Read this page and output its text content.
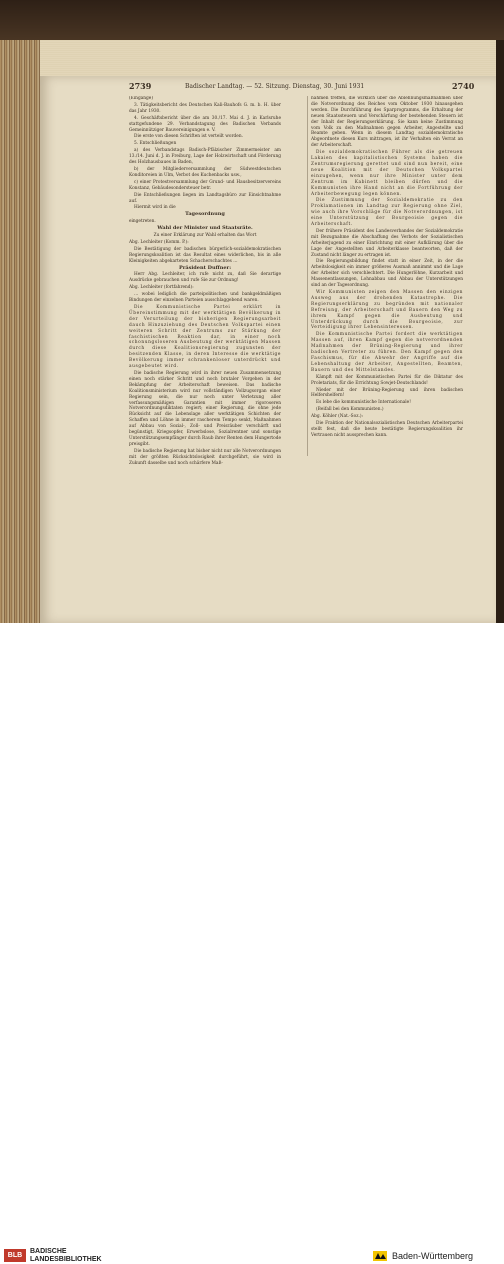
2739	Badischer Landtag. — 52. Sitzung. Dienstag, 30. Juni 1931	2740

(Eingänge)

3. Tätigkeitsbericht des Deutschen Kali-Bauhofs G. m. b. H. über das Jahr 1930.

4. Geschäftsbericht über die am 30./17. Mai d. J. in Karlsruhe stattgefundene 29. Verbandstagung des Badischen Verbands Gemeinnütziger Bauvereinigungen e. V.

Die erste von diesen Schriften ist verteilt worden.

5. Entschließungen

a) des Verbandstags Badisch-Pfälzischer Zimmermeister am 13./14. Juni d. J. in Freiburg, Lage der Holzwirtschaft und Förderung des Holzhausbaues in Baden,

b) der Mitgliederversammlung der Südwestdeutschen Konditoreien in Ulm, Verbot des Kuchenbacks usw.,

c) einer Protestversammlung der Grund- und Hausbesitzervereins Konstanz, Gebäudesondersteuer betr.

Die Entschließungen liegen im Landtagsbüro zur Einsichtnahme auf.

Hiermit wird in die

Tagesordnung

eingetreten.

Wahl der Minister und Staatsräte.

Zu einer Erklärung zur Wahl erhalten das Wort

Abg. Lechleiter (Komm. P.):

Die Bestätigung der badischen bürgerlich-sozialdemokratischen Regierungskoalition ist das Resultat eines widerlichen, bis in alle Kleinigkeiten abgekarteten Schacherschachtes …

Präsident Duffner:

Herr Abg. Lechleiter, ich rufe nicht zu, daß Sie derartige Ausdrücke gebrauchen und rufe Sie zur Ordnung!

Abg. Lechleiter (fortfahrend):

… wobei lediglich die parteipolitischen und bankgeldmäßigen Bindungen der einzelnen Parteien ausschlaggebend waren.

Die Kommunistische Partei erklärt in Übereinstimmung mit der werktätigen Bevölkerung in der Verurteilung der bisherigen Regierungsarbeit dauch Hinzuziehung des Deutschen Volkspartei einen weiteren Schritt der Zentrums zur Stärkung der faschistischen Reaktion dar, in einer noch schonungsloseren Ausbeutung der werktätigen Massen durch diese Koalitionsregierung zugunsten der besitzenden Klasse, in deren Interesse die werktätige Bevölkerung immer schrankenloser unterdrückt und ausgebeutet wird.

Die badische Regierung wird in ihrer neuen Zusammensetzung einen noch stärker Schritt und noch brutaler Vorgehen in der Bekämpfung der Arbeiterschaft beweisen. Das badische Koalitionsministerium wird nur vollständigen Vollzugsorgan einer Regierung sein, die nur noch unter Verletzung aller verfassungsmäßigen Garantien mit immer rigoroseren Notverordnungsdiktaten regiert; einer Regierung, die ohne jede Rücksicht auf die Lebenslage aller werktätigen Schichten der Schaffen und Löhne in immer rascherem Tempo senkt, Maßnahmen auf Abbau von Sozial-, Zoll- und Preisräuber verschärft und begünstigt, Kriegsopfer, Erwerbslose, Sozialrentner und sonstige Unterstützungsempfänger durch Raub ihrer Renten dem Hungertode preisgibt.

Die badische Regierung hat bisher nicht nur alle Notverordnungen mit der größten Rücksichtslosigkeit durchgeführt, sie wird in Zukunft dasselbe und noch schärfere Maß-

nahmen treffen, die wirklich über die Ablehnungsmaßnahmen über die Notverordnung des Reiches vom Oktober 1930 hinausgehen werden. Die Durchführung des Sparprogramms, die Erhaltung der neuen Staatssteuern und Verschärfung der bestehenden Steuern ist der Inhalt der Regierungserklärung. Sie kann keine Zustimmung vom Volk zu den Maßnahmen gegen Arbeiter, Angestellte und Beamte geben. Wenn in diesem Landtag sozialdemokratische Abgeordnete diesen Kurs mittragen, ist ihr Verhalten ein Verrat an der Arbeiterschaft.

Die sozialdemokratischen Führer als die getreuen Lakaien des kapitalistischen Systems haben die Zentrumsregierung gerettet und sind nun bereit, eine neue Koalition mit der Deutschen Volkspartei einzugehen, wenn nur ihre Minister unter dem Zentrum im Kabinett bleiben dürfen und die Kommunisten ihre Hand nicht an die Fortführung der Arbeiterbewegung legen können.

Die Zustimmung der Sozialdemokratie zu den Proklamationen im Landtag zur Regierung ohne Ziel, wie auch ihre Vorschläge für die Notverordnungen, ist eine Unterstützung der Bourgeoisie gegen die Arbeiterschaft.

Der frühere Präsident des Landesverbandes der Sozialdemokratie mit Bezugnahme die Abschaffung des Verbots der Sozialistischen Arbeiterjugend zu einer Einrichtung mit einer Aufklärung über die Lage der Angestellten und Arbeiterklasse beantworten, daß der Zustand nicht länger zu ertragen ist.

Die Regierungsbildung findet statt in einer Zeit, in der die Arbeitslosigkeit ein immer größeres Ausmaß annimmt und die Lage der Arbeiter sich verschlechtert. Die Hungerlöhne, Kurzarbeit und Massenentlassungen, Lohnabbau und Abbau der Unterstützungen sind an der Tagesordnung.

Wir Kommunisten zeigen den Massen den einzigen Ausweg aus der drohenden Katastrophe. Die Regierungserklärung zu begründen mit nationaler Befreiung, der Arbeiterschaft und Bauern den Weg zu ihrem Kampf gegen die Ausbeutung und Unterdrückung durch die Bourgeoisie, zur Verteidigung ihrer Lebensinteressen.

Die Kommunistische Partei fordert die werktätigen Massen auf, ihren Kampf gegen die notverordnenden Maßnahmen der Brüning-Regierung und ihrer badischen Vertreter zu führen. Den Kampf gegen den Faschismus, für die Abwehr der Angriffe auf die Lebenshaltung der Arbeiter, Angestellten, Beamten, Bauern und des Mittelstandes.

Kämpft mit der Kommunistischen Partei für die Diktatur des Proletariats, für die Errichtung Sowjet-Deutschlands!

Nieder mit der Brüning-Regierung und ihren badischen Helfershelfern!

Es lebe die kommunistische Internationale!

(Beifall bei den Kommunisten.)

Abg. Köhler (Nat.-Soz.):

Die Fraktion der Nationalsozialistischen Deutschen Arbeiterpartei stellt fest, daß die heute bestätigte Regierungskoalition ihr Vertrauen nicht aussprechen kann.

BLB
BADISCHE
LANDESBIBLIOTHEK	Baden-Württemberg
